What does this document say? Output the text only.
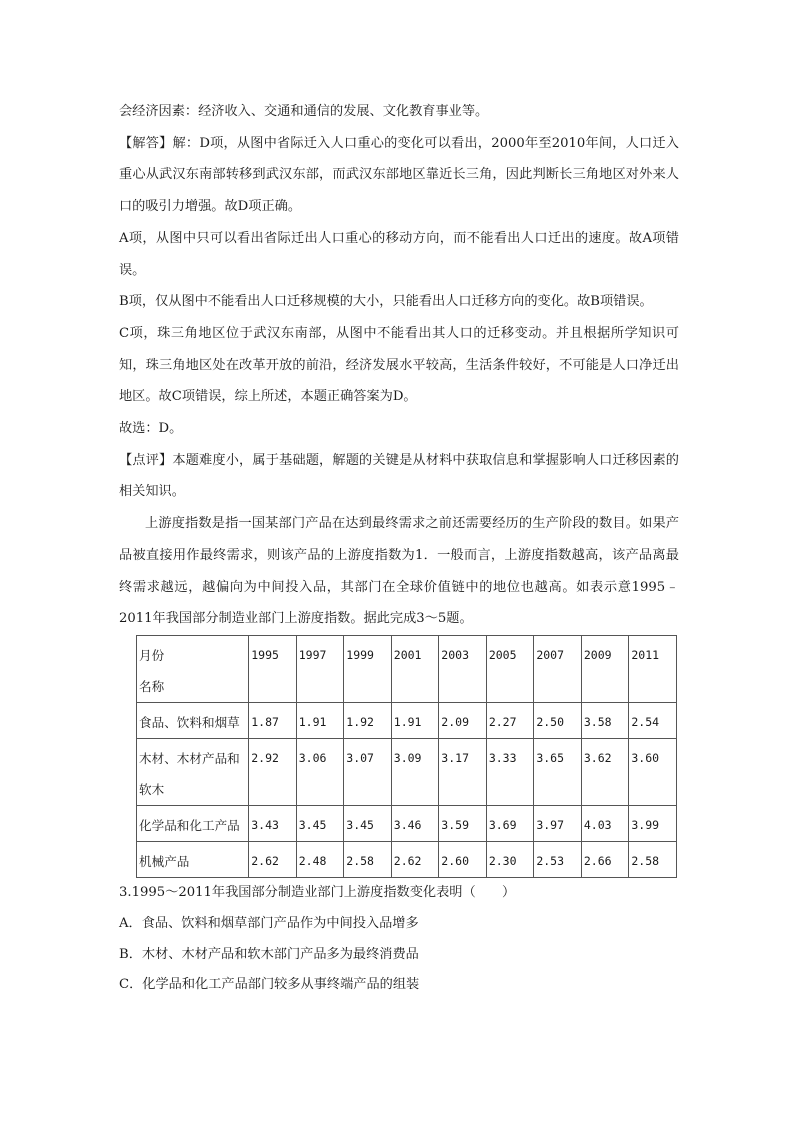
会经济因素：经济收入、交通和通信的发展、文化教育事业等。

【解答】解：D项，从图中省际迁入人口重心的变化可以看出，2000年至2010年间，人口迁入重心从武汉东南部转移到武汉东部，而武汉东部地区靠近长三角，因此判断长三角地区对外来人口的吸引力增强。故D项正确。

A项，从图中只可以看出省际迁出人口重心的移动方向，而不能看出人口迁出的速度。故A项错误。

B项，仅从图中不能看出人口迁移规模的大小，只能看出人口迁移方向的变化。故B项错误。

C项，珠三角地区位于武汉东南部，从图中不能看出其人口的迁移变动。并且根据所学知识可知，珠三角地区处在改革开放的前沿，经济发展水平较高，生活条件较好，不可能是人口净迁出地区。故C项错误，综上所述，本题正确答案为D。

故选：D。

【点评】本题难度小，属于基础题，解题的关键是从材料中获取信息和掌握影响人口迁移因素的相关知识。

上游度指数是指一国某部门产品在达到最终需求之前还需要经历的生产阶段的数目。如果产品被直接用作最终需求，则该产品的上游度指数为1．一般而言，上游度指数越高，该产品离最终需求越远，越偏向为中间投入品，其部门在全球价值链中的地位也越高。如表示意1995﹣2011年我国部分制造业部门上游度指数。据此完成3～5题。

月份
名称	1995	1997	1999	2001	2003	2005	2007	2009	2011
食品、饮料和烟草	1.87	1.91	1.92	1.91	2.09	2.27	2.50	3.58	2.54
木材、木材产品和软木	2.92	3.06	3.07	3.09	3.17	3.33	3.65	3.62	3.60
化学品和化工产品	3.43	3.45	3.45	3.46	3.59	3.69	3.97	4.03	3.99
机械产品	2.62	2.48	2.58	2.62	2.60	2.30	2.53	2.66	2.58

3.1995～2011年我国部分制造业部门上游度指数变化表明（　　）

A．食品、饮料和烟草部门产品作为中间投入品增多

B．木材、木材产品和软木部门产品多为最终消费品

C．化学品和化工产品部门较多从事终端产品的组装
